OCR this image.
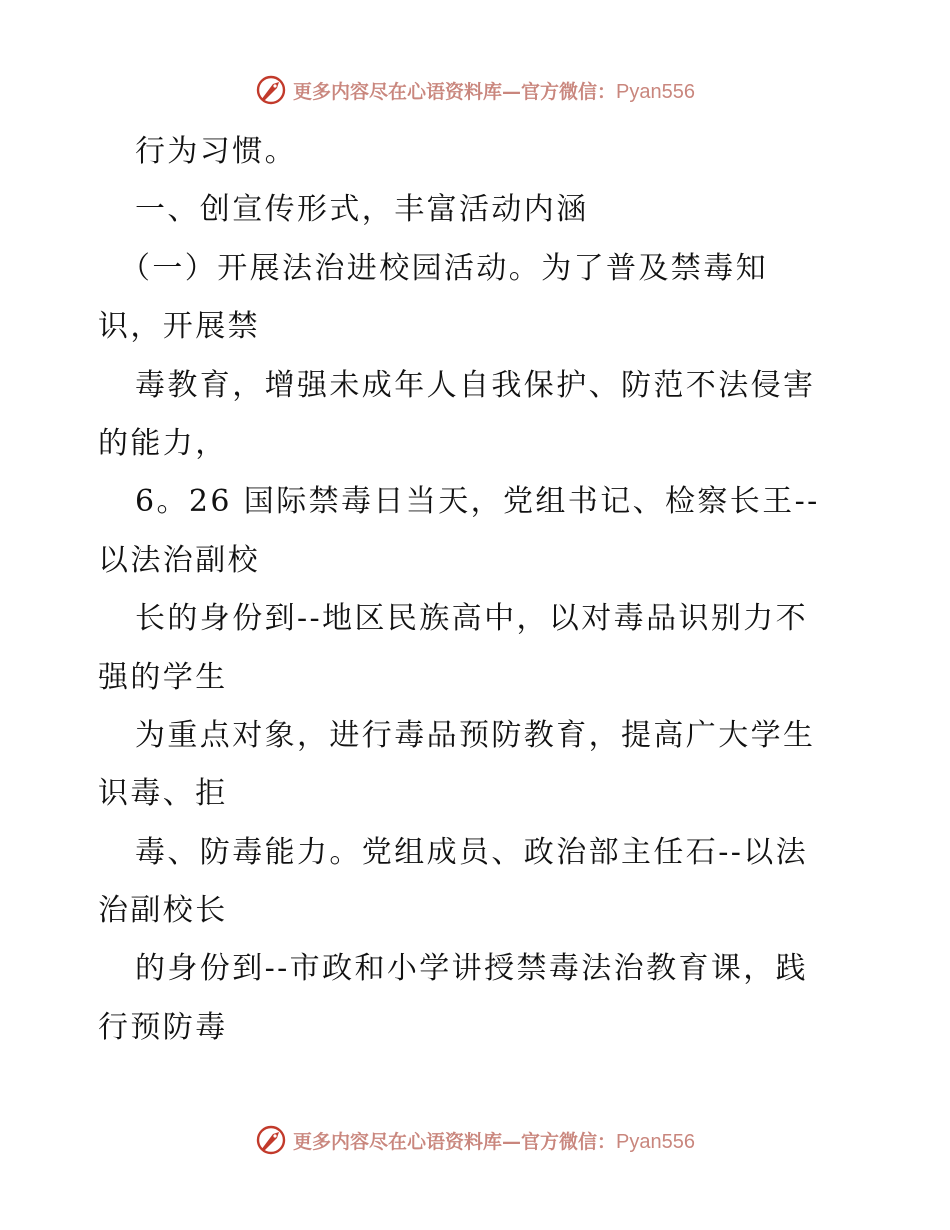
更多内容尽在心语资料库—官方微信：Pyan556
行为习惯。
一、创宣传形式，丰富活动内涵
（一）开展法治进校园活动。为了普及禁毒知
识，开展禁
毒教育，增强未成年人自我保护、防范不法侵害
的能力，
6。26 国际禁毒日当天，党组书记、检察长王--
以法治副校
长的身份到--地区民族高中，以对毒品识别力不
强的学生
为重点对象，进行毒品预防教育，提高广大学生
识毒、拒
毒、防毒能力。党组成员、政治部主任石--以法
治副校长
的身份到--市政和小学讲授禁毒法治教育课，践
行预防毒
更多内容尽在心语资料库—官方微信：Pyan556
